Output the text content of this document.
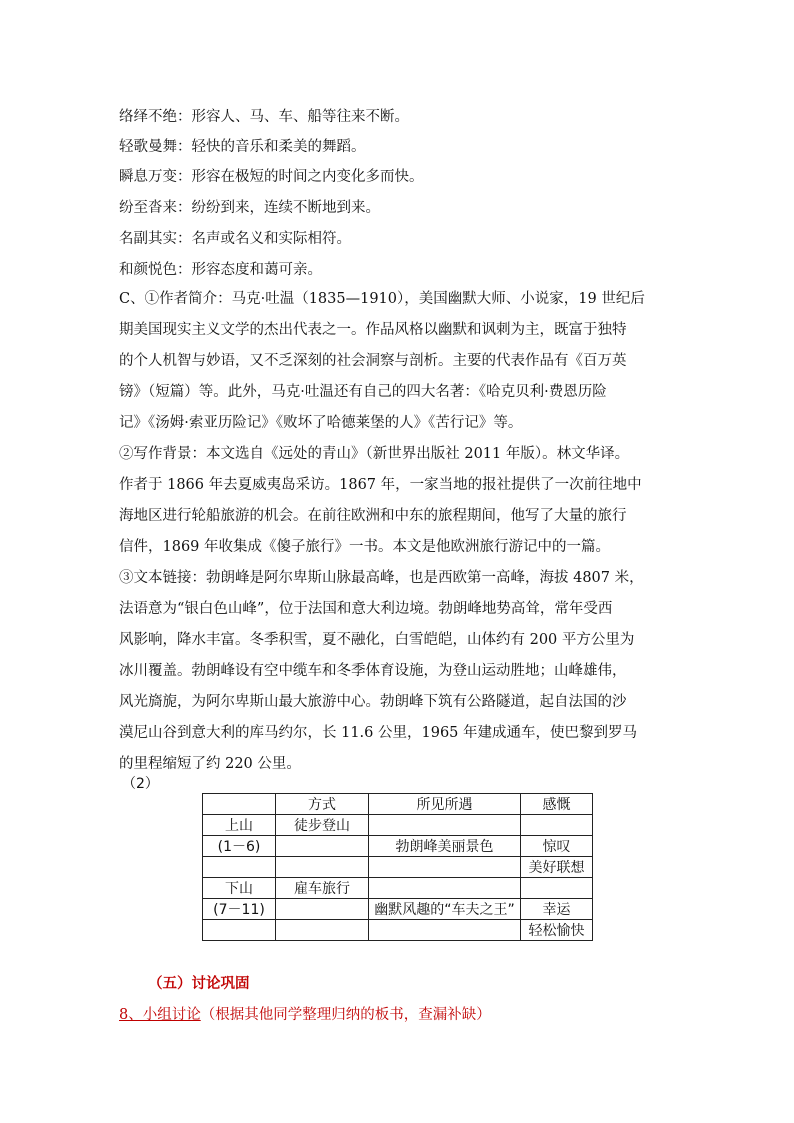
络绎不绝：形容人、马、车、船等往来不断。
轻歌曼舞：轻快的音乐和柔美的舞蹈。
瞬息万变：形容在极短的时间之内变化多而快。
纷至沓来：纷纷到来，连续不断地到来。
名副其实：名声或名义和实际相符。
和颜悦色：形容态度和蔼可亲。
C、①作者简介：马克·吐温（1835—1910），美国幽默大师、小说家，19 世纪后
期美国现实主义文学的杰出代表之一。作品风格以幽默和讽刺为主，既富于独特
的个人机智与妙语，又不乏深刻的社会洞察与剖析。主要的代表作品有《百万英
镑》（短篇）等。此外，马克·吐温还有自己的四大名著：《哈克贝利·费恩历险
记》《汤姆·索亚历险记》《败坏了哈德莱堡的人》《苦行记》等。
②写作背景：本文选自《远处的青山》（新世界出版社 2011 年版）。林文华译。
作者于 1866 年去夏威夷岛采访。1867 年，一家当地的报社提供了一次前往地中
海地区进行轮船旅游的机会。在前往欧洲和中东的旅程期间，他写了大量的旅行
信件，1869 年收集成《傻子旅行》一书。本文是他欧洲旅行游记中的一篇。
③文本链接：勃朗峰是阿尔卑斯山脉最高峰，也是西欧第一高峰，海拔 4807 米，
法语意为“银白色山峰”，位于法国和意大利边境。勃朗峰地势高耸，常年受西
风影响，降水丰富。冬季积雪，夏不融化，白雪皑皑，山体约有 200 平方公里为
冰川覆盖。勃朗峰设有空中缆车和冬季体育设施，为登山运动胜地；山峰雄伟，
风光旖旎，为阿尔卑斯山最大旅游中心。勃朗峰下筑有公路隧道，起自法国的沙
漠尼山谷到意大利的库马约尔，长 11.6 公里，1965 年建成通车，使巴黎到罗马
的里程缩短了约 220 公里。
（2）
	方式	所见所遇	感慨
上山	徒步登山		
(1－6)		勃朗峰美丽景色	惊叹
			美好联想
下山	雇车旅行		
(7－11)		幽默风趣的“车夫之王”	幸运
			轻松愉快
（五）讨论巩固
8、小组讨论（根据其他同学整理归纳的板书，查漏补缺）
